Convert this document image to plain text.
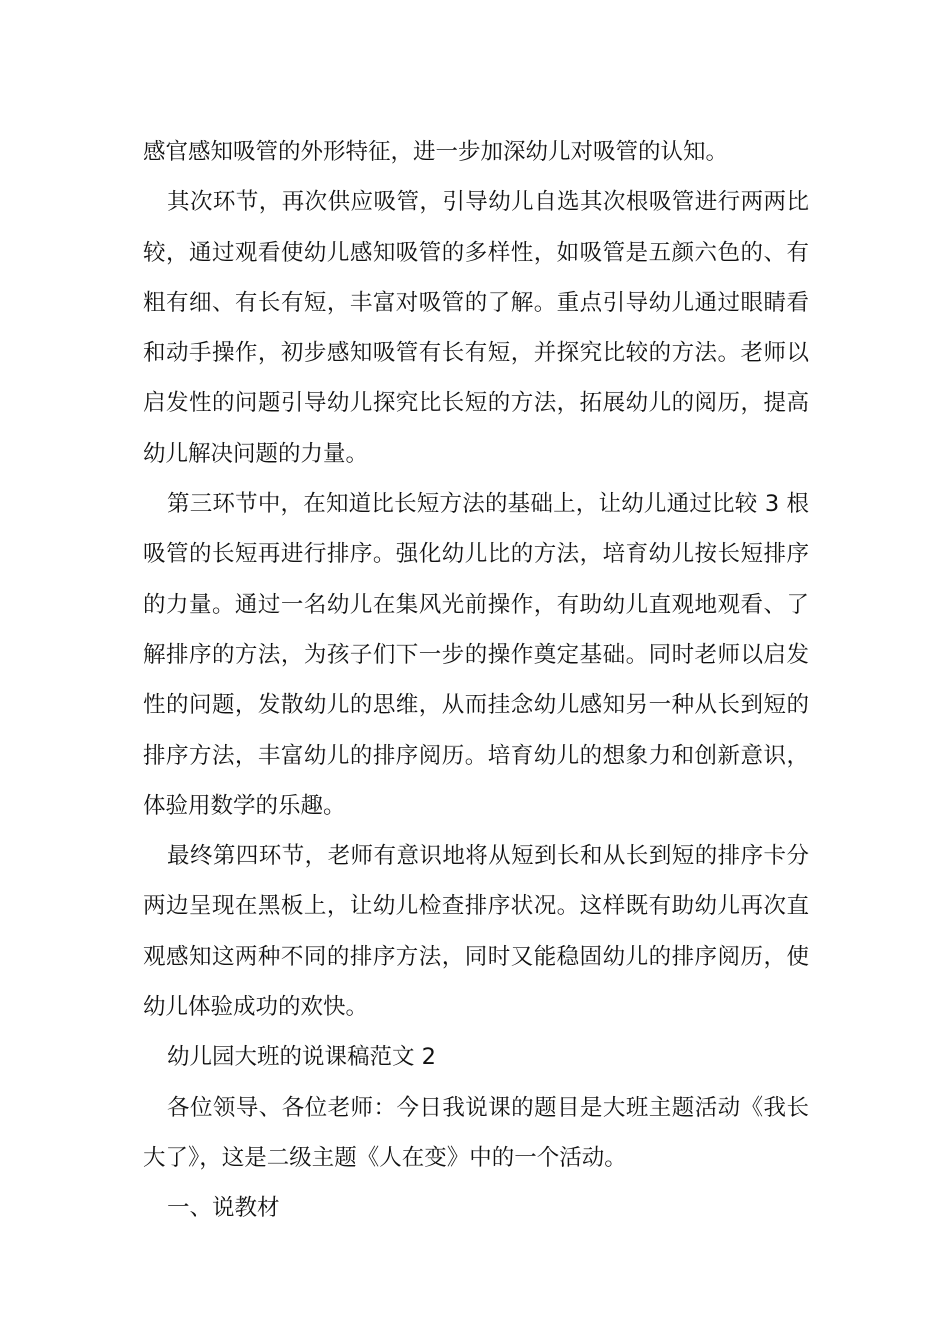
感官感知吸管的外形特征，进一步加深幼儿对吸管的认知。

其次环节，再次供应吸管，引导幼儿自选其次根吸管进行两两比较，通过观看使幼儿感知吸管的多样性，如吸管是五颜六色的、有粗有细、有长有短，丰富对吸管的了解。重点引导幼儿通过眼睛看和动手操作，初步感知吸管有长有短，并探究比较的方法。老师以启发性的问题引导幼儿探究比长短的方法，拓展幼儿的阅历，提高幼儿解决问题的力量。

第三环节中，在知道比长短方法的基础上，让幼儿通过比较 3 根吸管的长短再进行排序。强化幼儿比的方法，培育幼儿按长短排序的力量。通过一名幼儿在集风光前操作，有助幼儿直观地观看、了解排序的方法，为孩子们下一步的操作奠定基础。同时老师以启发性的问题，发散幼儿的思维，从而挂念幼儿感知另一种从长到短的排序方法，丰富幼儿的排序阅历。培育幼儿的想象力和创新意识，体验用数学的乐趣。

最终第四环节，老师有意识地将从短到长和从长到短的排序卡分两边呈现在黑板上，让幼儿检查排序状况。这样既有助幼儿再次直观感知这两种不同的排序方法，同时又能稳固幼儿的排序阅历，使幼儿体验成功的欢快。

幼儿园大班的说课稿范文 2

各位领导、各位老师：今日我说课的题目是大班主题活动《我长大了》，这是二级主题《人在变》中的一个活动。

一、说教材
